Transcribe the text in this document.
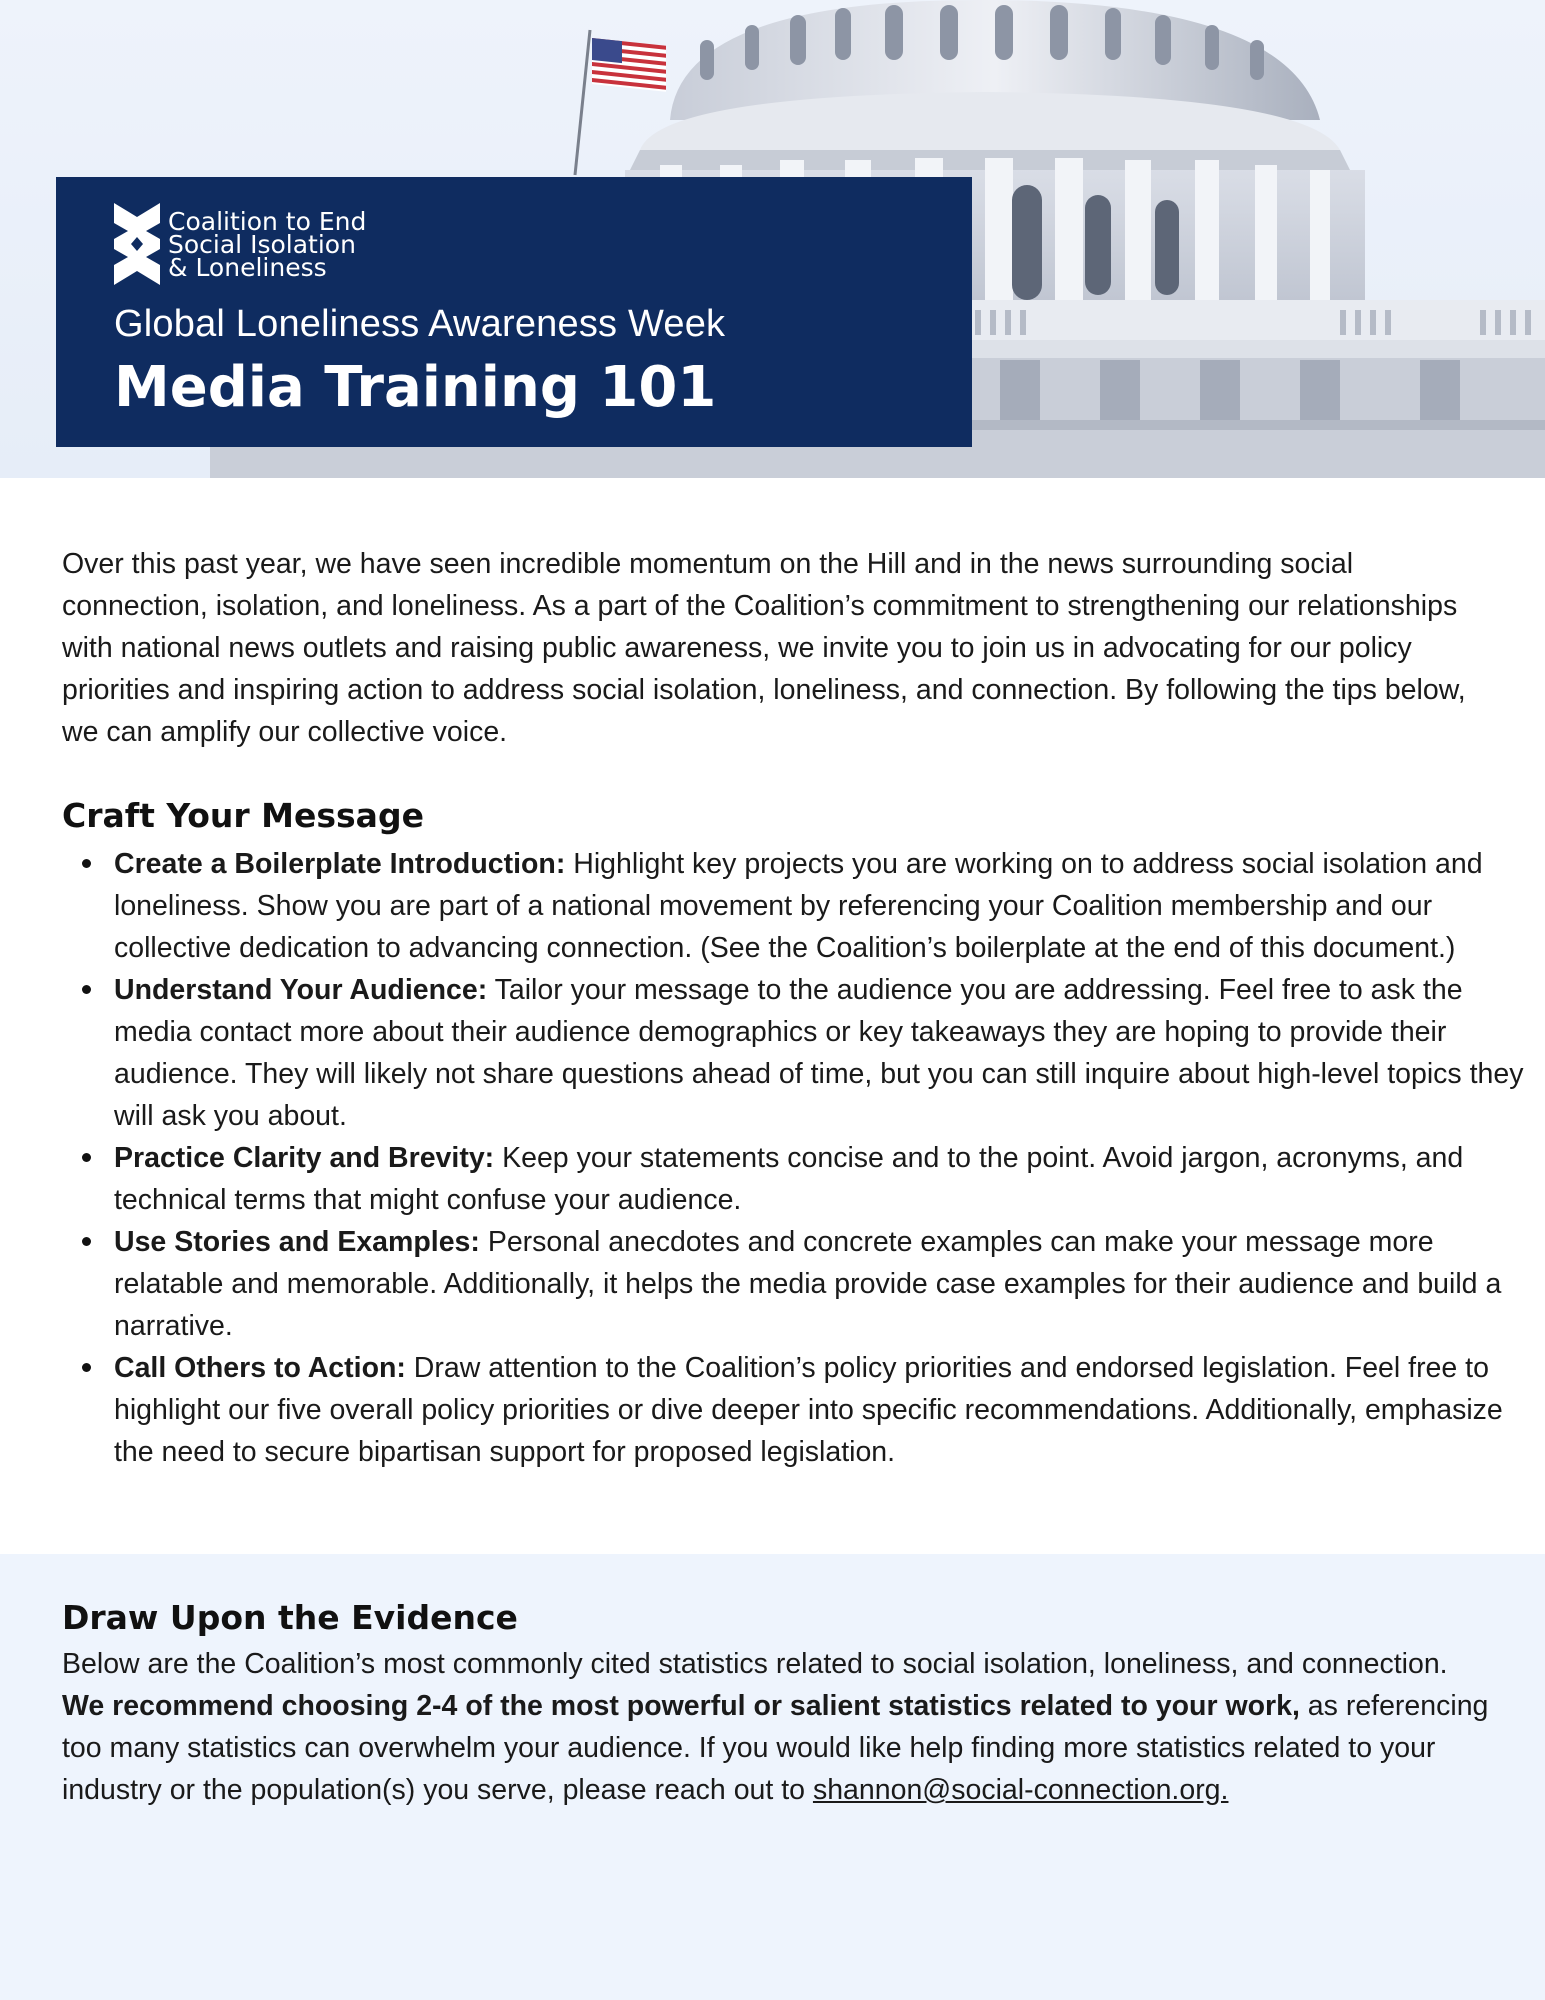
Coalition to End
Social Isolation
& Loneliness
Global Loneliness Awareness Week
Media Training 101
Over this past year, we have seen incredible momentum on the Hill and in the news surrounding social connection, isolation, and loneliness. As a part of the Coalition’s commitment to strengthening our relationships with national news outlets and raising public awareness, we invite you to join us in advocating for our policy priorities and inspiring action to address social isolation, loneliness, and connection. By following the tips below, we can amplify our collective voice.
Craft Your Message
Create a Boilerplate Introduction: Highlight key projects you are working on to address social isolation and loneliness. Show you are part of a national movement by referencing your Coalition membership and our collective dedication to advancing connection. (See the Coalition’s boilerplate at the end of this document.)
Understand Your Audience: Tailor your message to the audience you are addressing. Feel free to ask the media contact more about their audience demographics or key takeaways they are hoping to provide their audience. They will likely not share questions ahead of time, but you can still inquire about high-level topics they will ask you about.
Practice Clarity and Brevity: Keep your statements concise and to the point. Avoid jargon, acronyms, and technical terms that might confuse your audience.
Use Stories and Examples: Personal anecdotes and concrete examples can make your message more relatable and memorable. Additionally, it helps the media provide case examples for their audience and build a narrative.
Call Others to Action: Draw attention to the Coalition’s policy priorities and endorsed legislation. Feel free to highlight our five overall policy priorities or dive deeper into specific recommendations. Additionally, emphasize the need to secure bipartisan support for proposed legislation.
Draw Upon the Evidence
Below are the Coalition’s most commonly cited statistics related to social isolation, loneliness, and connection. We recommend choosing 2-4 of the most powerful or salient statistics related to your work, as referencing too many statistics can overwhelm your audience. If you would like help finding more statistics related to your industry or the population(s) you serve, please reach out to shannon@social-connection.org.
